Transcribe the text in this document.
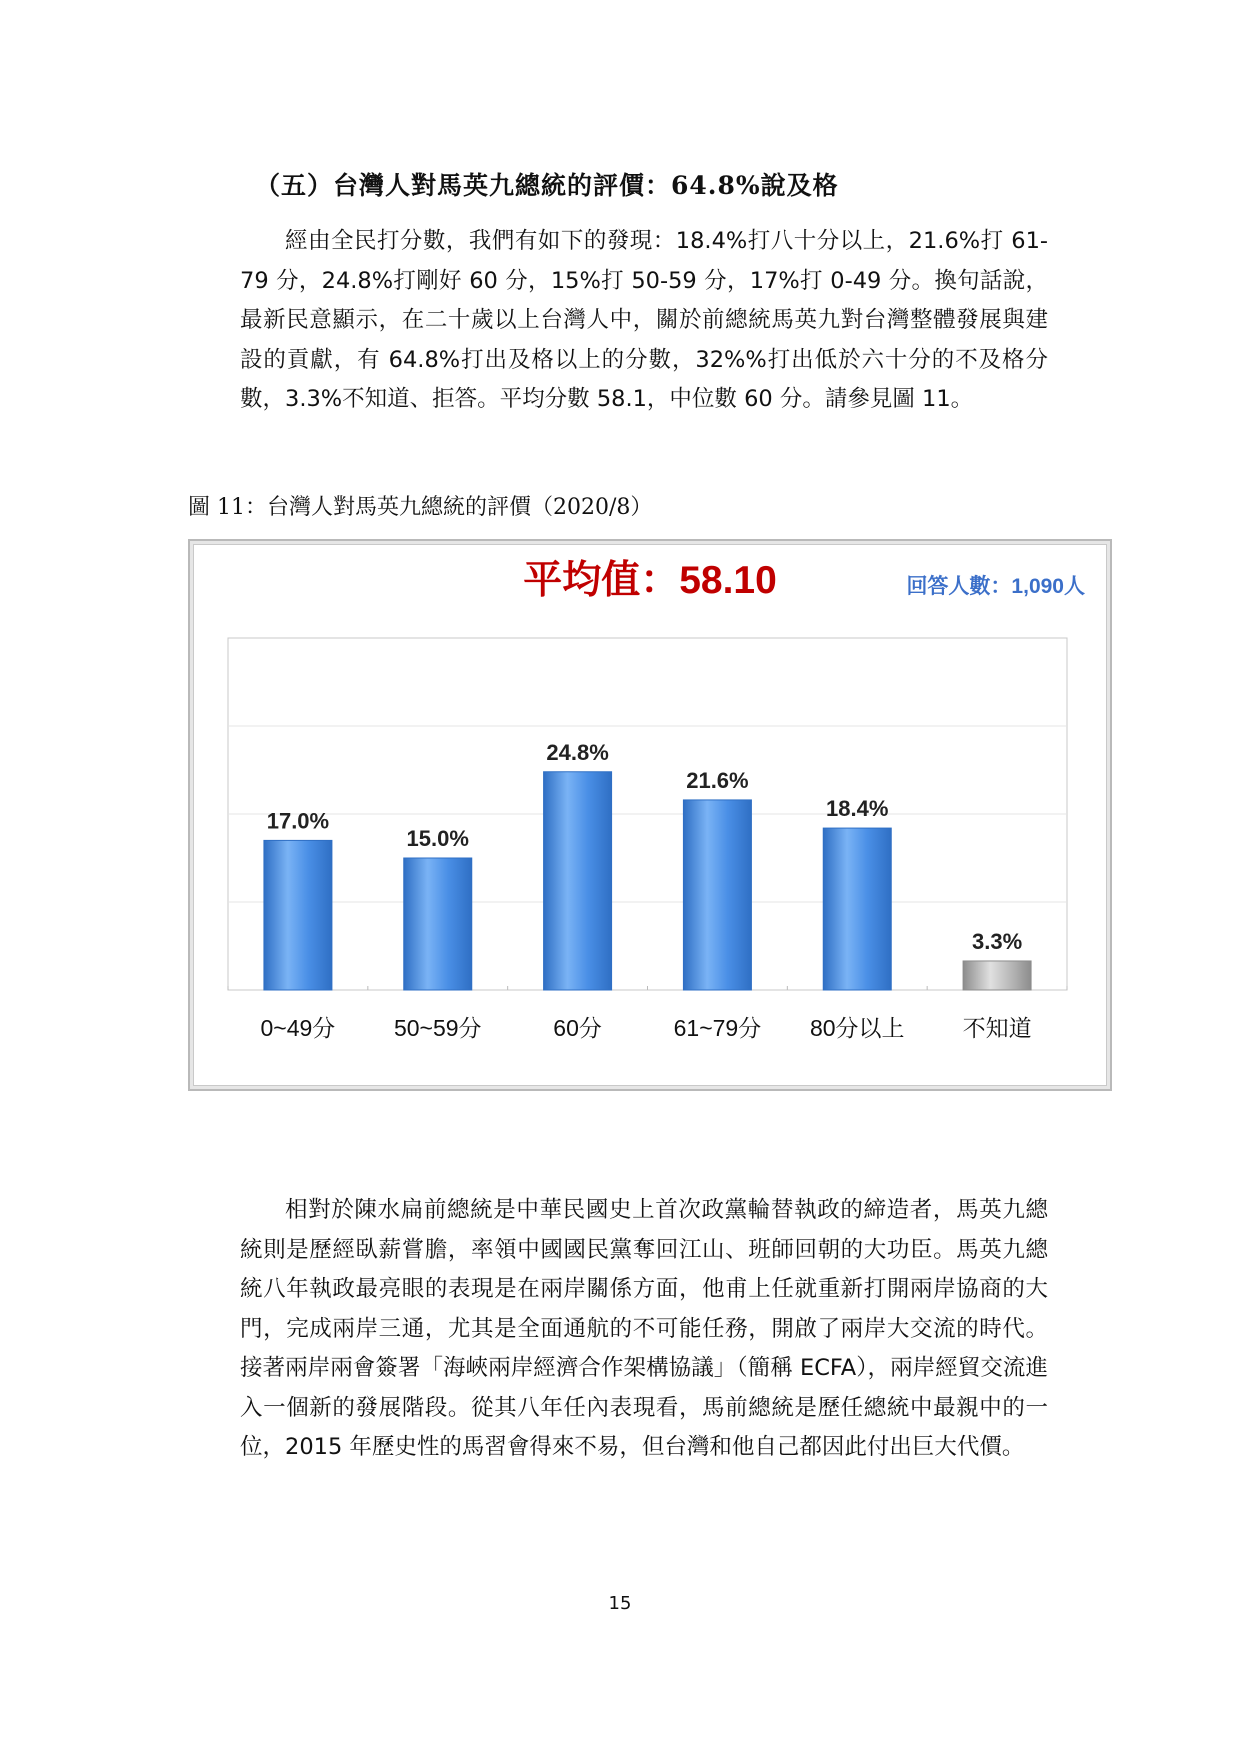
（五）台灣人對馬英九總統的評價：64.8%說及格

經由全民打分數，我們有如下的發現：18.4%打八十分以上，21.6%打 61-79 分，24.8%打剛好 60 分，15%打 50-59 分，17%打 0-49 分。換句話說，最新民意顯示，在二十歲以上台灣人中，關於前總統馬英九對台灣整體發展與建設的貢獻，有 64.8%打出及格以上的分數，32%%打出低於六十分的不及格分數，3.3%不知道、拒答。平均分數 58.1，中位數 60 分。請參見圖 11。

圖 11：台灣人對馬英九總統的評價（2020/8）
平均值：58.10	回答人數：1,090人
17.0%
15.0%
24.8%
21.6%
18.4%
3.3%
0~49分	50~59分	60分	61~79分 80分以上	不知道

相對於陳水扁前總統是中華民國史上首次政黨輪替執政的締造者，馬英九總統則是歷經臥薪嘗膽，率領中國國民黨奪回江山、班師回朝的大功臣。馬英九總統八年執政最亮眼的表現是在兩岸關係方面，他甫上任就重新打開兩岸協商的大門，完成兩岸三通，尤其是全面通航的不可能任務，開啟了兩岸大交流的時代。接著兩岸兩會簽署「海峽兩岸經濟合作架構協議」（簡稱 ECFA），兩岸經貿交流進入一個新的發展階段。從其八年任內表現看，馬前總統是歷任總統中最親中的一位，2015 年歷史性的馬習會得來不易，但台灣和他自己都因此付出巨大代價。

15
